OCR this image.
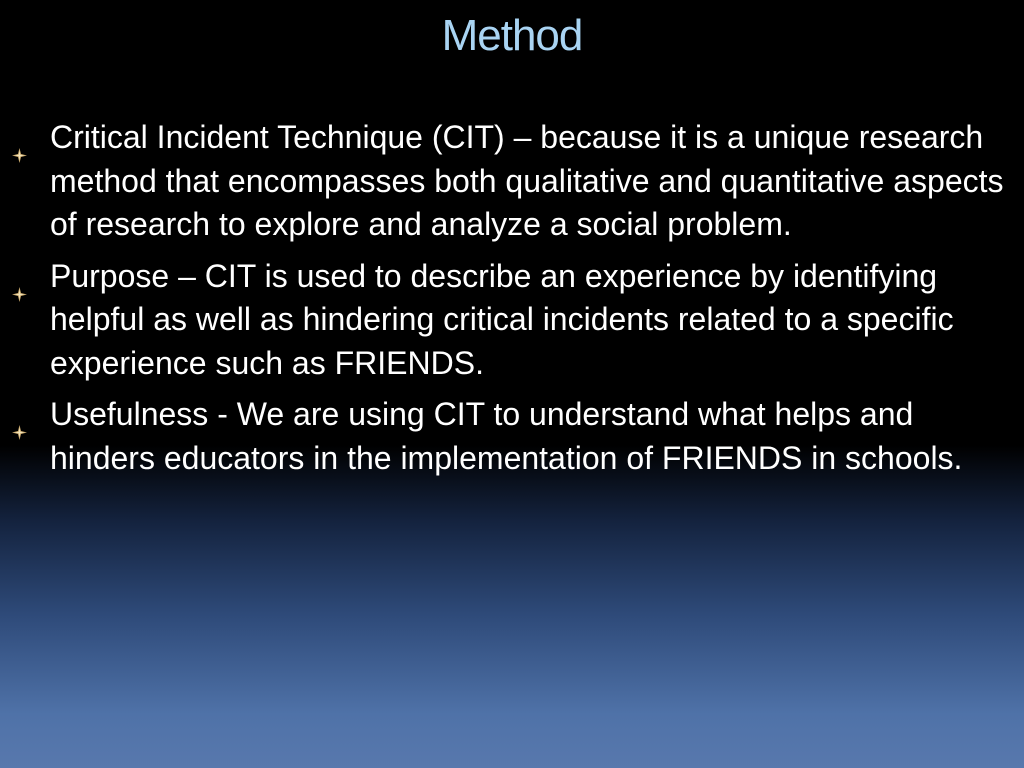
Method
Critical Incident Technique (CIT) – because it is a unique research method that encompasses both qualitative and quantitative aspects of research to explore and analyze a social problem.
Purpose – CIT is used to describe an experience by identifying helpful as well as hindering critical incidents related to a specific experience such as FRIENDS.
Usefulness - We are using CIT to understand what helps and hinders educators in the implementation of FRIENDS in schools.
